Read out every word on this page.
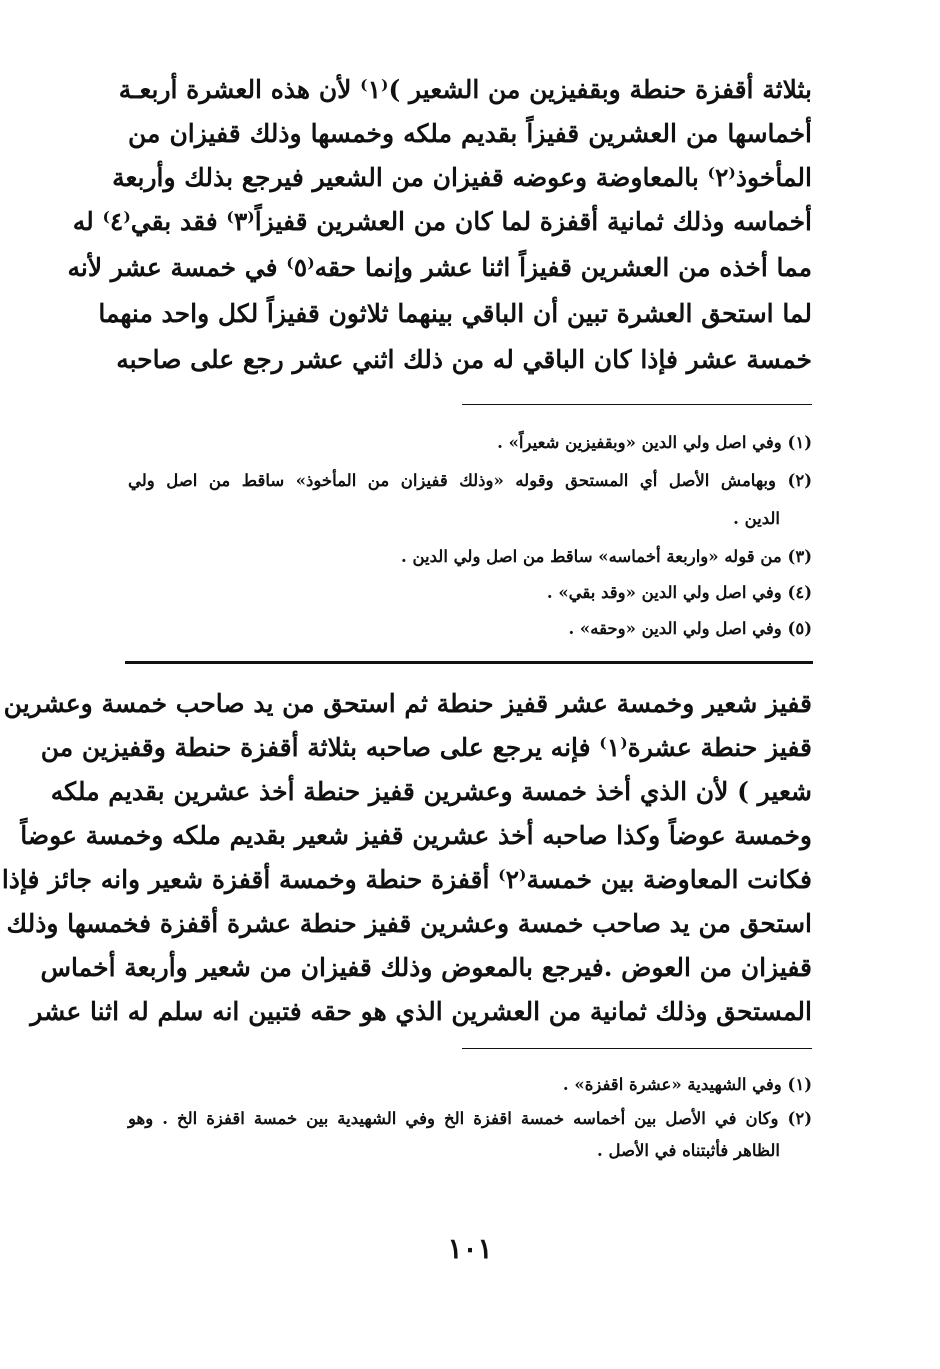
بثلاثة أقفزة حنطة وبقفيزين من الشعير )⁽١⁾ لأن هذه العشرة أربعـة

أخماسها من العشرين قفيزاً بقديم ملكه وخمسها وذلك قفيزان من

المأخوذ⁽٢⁾ بالمعاوضة وعوضه قفيزان من الشعير فيرجع بذلك وأربعة

أخماسه وذلك ثمانية أقفزة لما كان من العشرين قفيزاً⁽٣⁾ فقد بقي⁽٤⁾ له

مما أخذه من العشرين قفيزاً اثنا عشر وإنما حقه⁽٥⁾ في خمسة عشر لأنه

لما استحق العشرة تبين أن الباقي بينهما ثلاثون قفيزاً لكل واحد منهما

خمسة عشر فإذا كان الباقي له من ذلك اثني عشر رجع على صاحبه

(١) وفي اصل ولي الدين «وبقفيزين شعيراً» .

(٢) وبهامش الأصل أي المستحق وقوله «وذلك قفيزان من المأخوذ» ساقط من اصل ولي

الدين .

(٣) من قوله «واربعة أخماسه» ساقط من اصل ولي الدين .

(٤) وفي اصل ولي الدين «وقد بقي» .

(٥) وفي اصل ولي الدين «وحقه» .

قفيز شعير وخمسة عشر قفيز حنطة ثم استحق من يد صاحب خمسة وعشرين

قفيز حنطة عشرة⁽١⁾ فإنه يرجع على صاحبه بثلاثة أقفزة حنطة وقفيزين من

شعير ) لأن الذي أخذ خمسة وعشرين قفيز حنطة أخذ عشرين بقديم ملكه

وخمسة عوضاً وكذا صاحبه أخذ عشرين قفيز شعير بقديم ملكه وخمسة عوضاً

فكانت المعاوضة بين خمسة⁽٢⁾ أقفزة حنطة وخمسة أقفزة شعير وانه جائز فإذا

استحق من يد صاحب خمسة وعشرين قفيز حنطة عشرة أقفزة فخمسها وذلك

قفيزان من العوض .فيرجع بالمعوض وذلك قفيزان من شعير وأربعة أخماس

المستحق وذلك ثمانية من العشرين الذي هو حقه فتبين انه سلم له اثنا عشر

(١) وفي الشهيدية «عشرة اقفزة» .

(٢) وكان في الأصل بين أخماسه خمسة اقفزة الخ وفي الشهيدية بين خمسة اقفزة الخ . وهو

الظاهر فأثبتناه في الأصل .

١٠١
